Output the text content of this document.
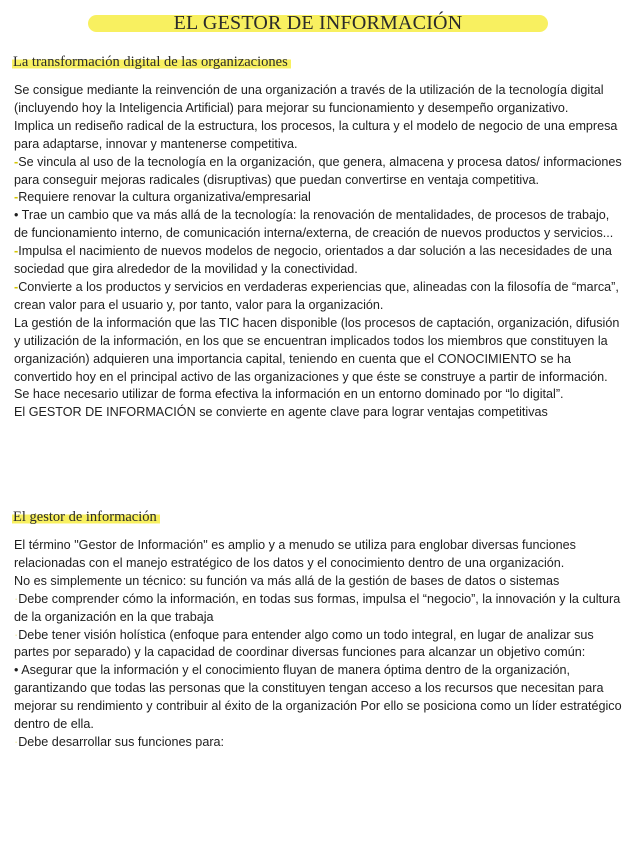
EL GESTOR DE INFORMACIÓN
La transformación digital de las organizaciones

Se consigue mediante la reinvención de una organización a través de la utilización de la tecnología digital (incluyendo hoy la Inteligencia Artificial) para mejorar su funcionamiento y desempeño organizativo.

Implica un rediseño radical de la estructura, los procesos, la cultura y el modelo de negocio de una empresa para adaptarse, innovar y mantenerse competitiva.

-Se vincula al uso de la tecnología en la organización, que genera, almacena y procesa datos/ informaciones para conseguir mejoras radicales (disruptivas) que puedan convertirse en ventaja competitiva.

-Requiere renovar la cultura organizativa/empresarial

• Trae un cambio que va más allá de la tecnología: la renovación de mentalidades, de procesos de trabajo, de funcionamiento interno, de comunicación interna/externa, de creación de nuevos productos y servicios...

-Impulsa el nacimiento de nuevos modelos de negocio, orientados a dar solución a las necesidades de una sociedad que gira alrededor de la movilidad y la conectividad.

-Convierte a los productos y servicios en verdaderas experiencias que, alineadas con la filosofía de “marca”, crean valor para el usuario y, por tanto, valor para la organización.

La gestión de la información que las TIC hacen disponible (los procesos de captación, organización, difusión y utilización de la información, en los que se encuentran implicados todos los miembros que constituyen la organización) adquieren una importancia capital, teniendo en cuenta que el CONOCIMIENTO se ha convertido hoy en el principal activo de las organizaciones y que éste se construye a partir de información.

Se hace necesario utilizar de forma efectiva la información en un entorno dominado por “lo digital”.

El GESTOR DE INFORMACIÓN se convierte en agente clave para lograr ventajas competitivas

El gestor de información

El término "Gestor de Información" es amplio y a menudo se utiliza para englobar diversas funciones relacionadas con el manejo estratégico de los datos y el conocimiento dentro de una organización.

No es simplemente un técnico: su función va más allá de la gestión de bases de datos o sistemas

·Debe comprender cómo la información, en todas sus formas, impulsa el “negocio”, la innovación y la cultura de la organización en la que trabaja

·Debe tener visión holística (enfoque para entender algo como un todo integral, en lugar de analizar sus partes por separado) y la capacidad de coordinar diversas funciones para alcanzar un objetivo común:

• Asegurar que la información y el conocimiento fluyan de manera óptima dentro de la organización, garantizando que todas las personas que la constituyen tengan acceso a los recursos que necesitan para mejorar su rendimiento y contribuir al éxito de la organización Por ello se posiciona como un líder estratégico dentro de ella.

·Debe desarrollar sus funciones para:
